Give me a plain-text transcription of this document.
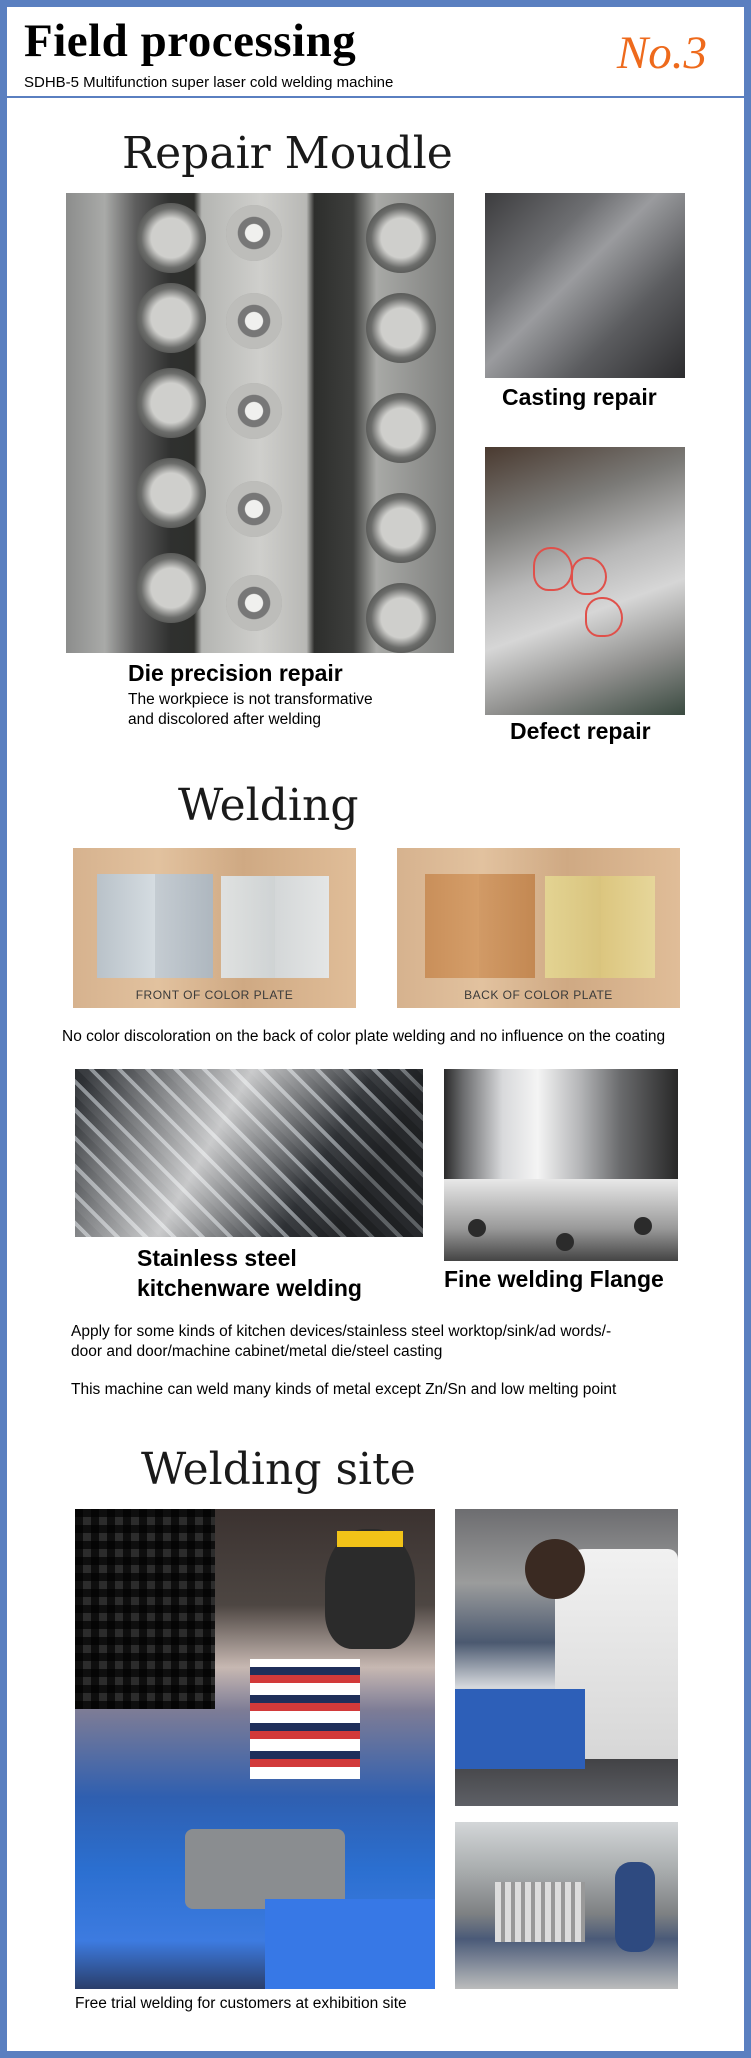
Field processing
SDHB-5 Multifunction super laser cold welding machine
No.3
Repair Moudle
Die precision repair
The workpiece is not transformative
and discolored after welding
Casting repair
Defect repair
Welding
FRONT OF COLOR PLATE	BACK OF COLOR PLATE
No color discoloration on the back of color plate welding and no influence on the coating
Stainless steel
kitchenware welding	Fine welding Flange
Apply for some kinds of kitchen devices/stainless steel worktop/sink/ad words/-
door and door/machine cabinet/metal die/steel casting
This machine can weld many kinds of metal except Zn/Sn and low melting point
Welding site
Free trial welding for customers at exhibition site
